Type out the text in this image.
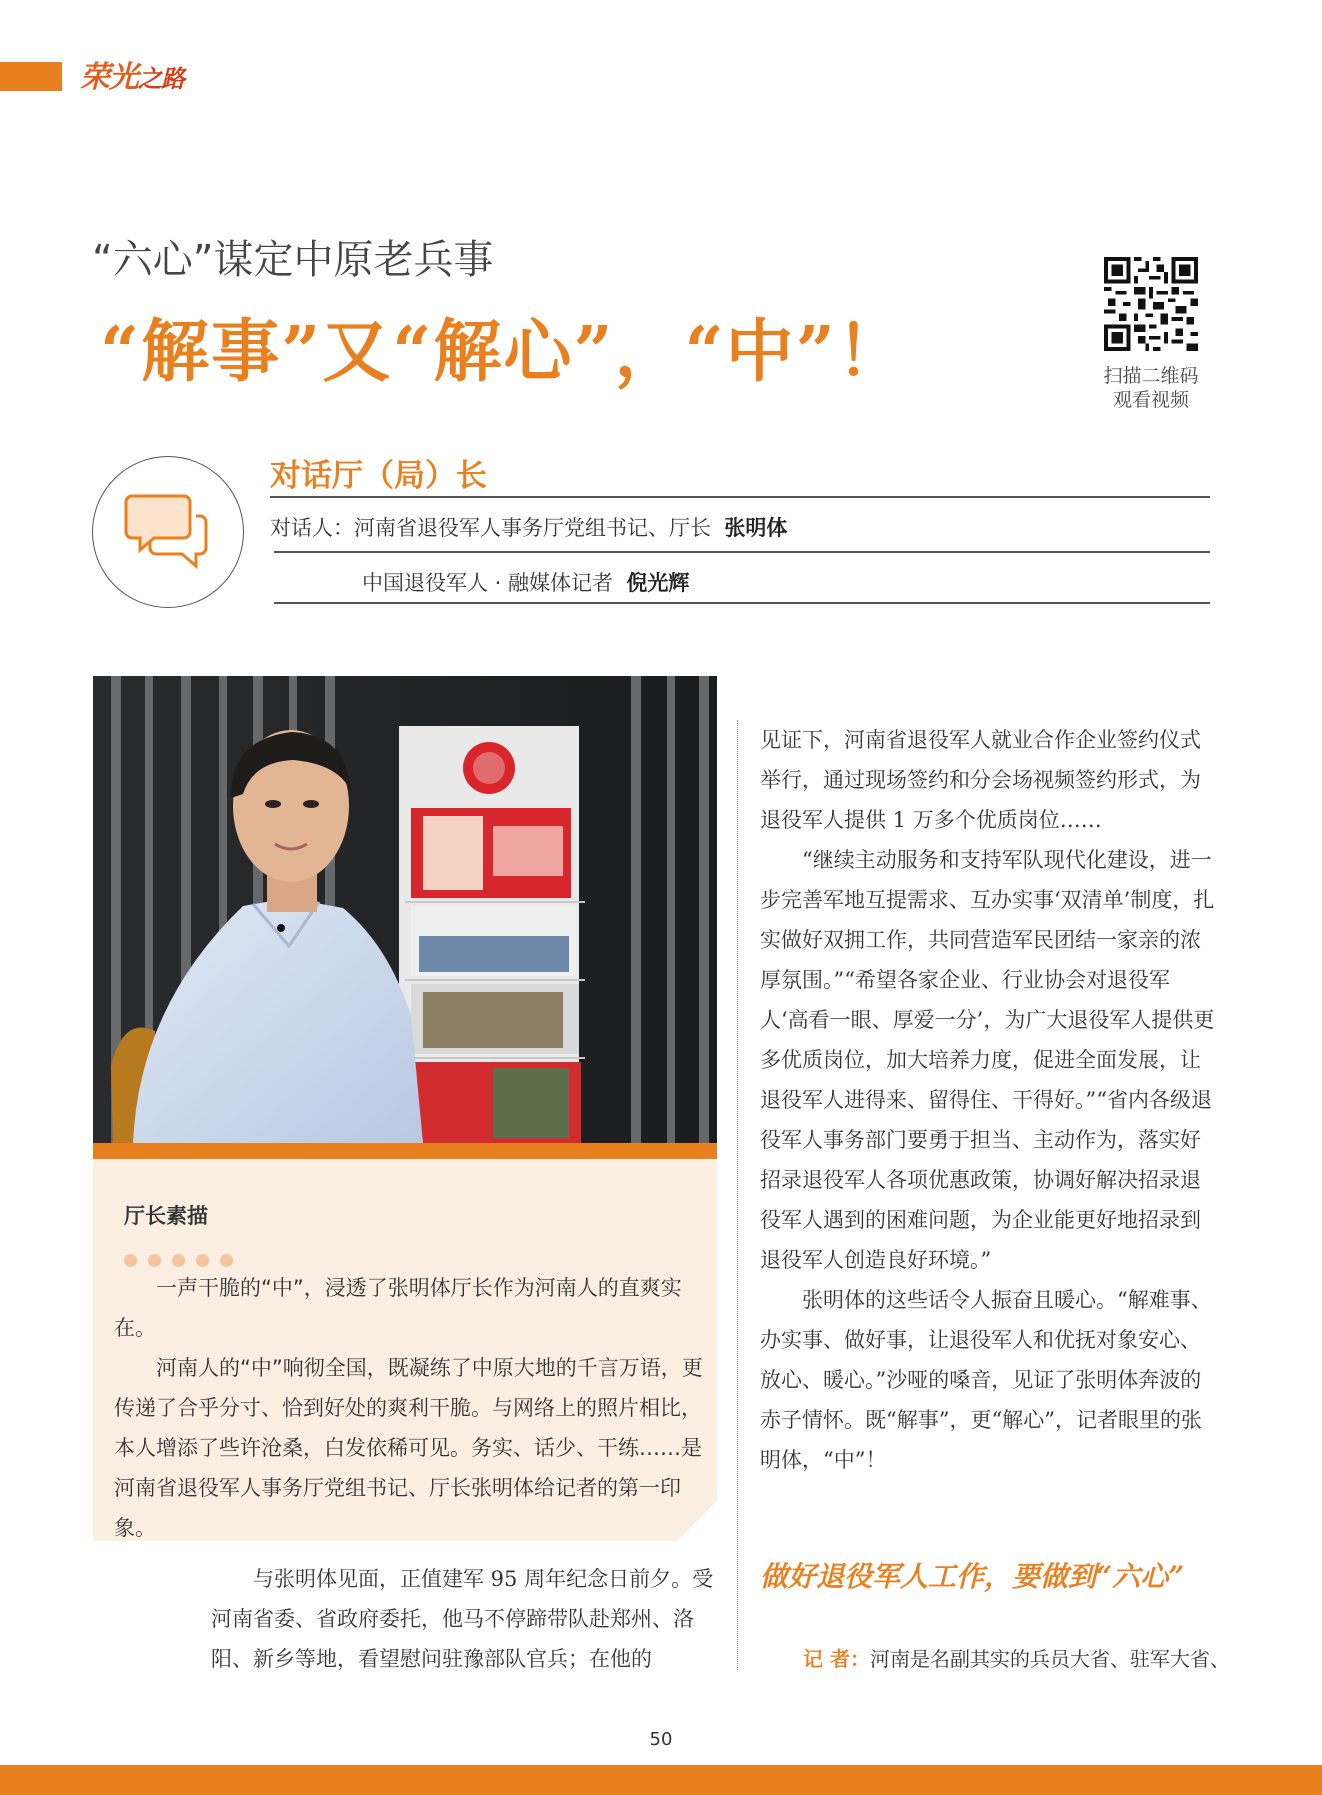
荣光之路
“六心”谋定中原老兵事
“解事”又“解心”，“中”！	扫描二维码
观看视频
对话厅（局）长
对话人：河南省退役军人事务厅党组书记、厅长 张明体
中国退役军人 · 融媒体记者 倪光辉
厅长素描

一声干脆的“中”，浸透了张明体厅长作为河南人的直爽实在。

河南人的“中”响彻全国，既凝练了中原大地的千言万语，更传递了合乎分寸、恰到好处的爽利干脆。与网络上的照片相比，本人增添了些许沧桑，白发依稀可见。务实、话少、干练……是河南省退役军人事务厅党组书记、厅长张明体给记者的第一印象。

与张明体见面，正值建军 95 周年纪念日前夕。受河南省委、省政府委托，他马不停蹄带队赴郑州、洛阳、新乡等地，看望慰问驻豫部队官兵；在他的

见证下，河南省退役军人就业合作企业签约仪式举行，通过现场签约和分会场视频签约形式，为退役军人提供 1 万多个优质岗位……

“继续主动服务和支持军队现代化建设，进一步完善军地互提需求、互办实事‘双清单’制度，扎实做好双拥工作，共同营造军民团结一家亲的浓厚氛围。”“希望各家企业、行业协会对退役军人‘高看一眼、厚爱一分’，为广大退役军人提供更多优质岗位，加大培养力度，促进全面发展，让退役军人进得来、留得住、干得好。”“省内各级退役军人事务部门要勇于担当、主动作为，落实好招录退役军人各项优惠政策，协调好解决招录退役军人遇到的困难问题，为企业能更好地招录到退役军人创造良好环境。”

张明体的这些话令人振奋且暖心。“解难事、办实事、做好事，让退役军人和优抚对象安心、放心、暖心。”沙哑的嗓音，见证了张明体奔波的赤子情怀。既“解事”，更“解心”，记者眼里的张明体，“中”！

做好退役军人工作，要做到“六心”
记 者：河南是名副其实的兵员大省、驻军大省、
50
